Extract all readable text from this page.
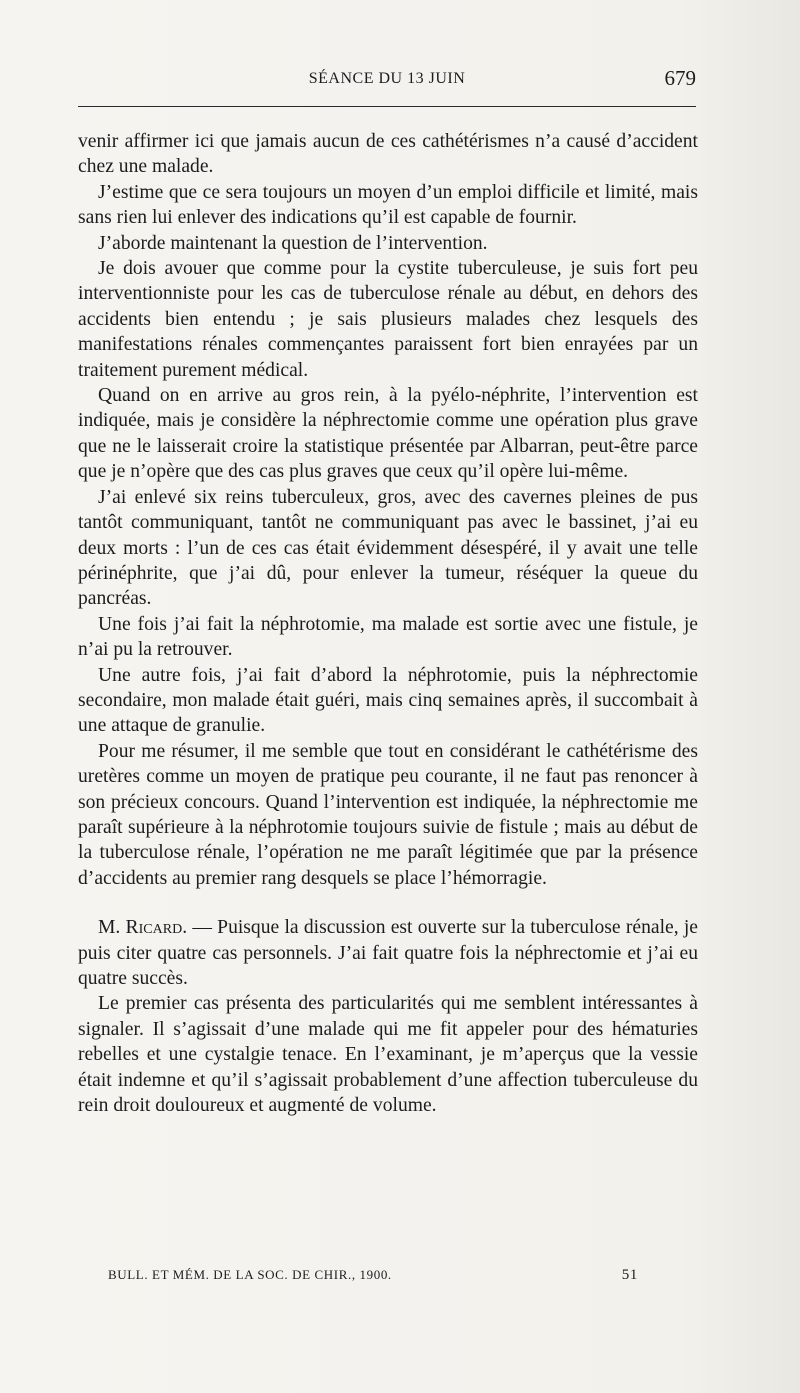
SÉANCE DU 13 JUIN	679

venir affirmer ici que jamais aucun de ces cathétérismes n’a causé d’accident chez une malade.

J’estime que ce sera toujours un moyen d’un emploi difficile et limité, mais sans rien lui enlever des indications qu’il est capable de fournir.

J’aborde maintenant la question de l’intervention.

Je dois avouer que comme pour la cystite tuberculeuse, je suis fort peu interventionniste pour les cas de tuberculose rénale au début, en dehors des accidents bien entendu ; je sais plusieurs malades chez lesquels des manifestations rénales commençantes paraissent fort bien enrayées par un traitement purement médical.

Quand on en arrive au gros rein, à la pyélo-néphrite, l’intervention est indiquée, mais je considère la néphrectomie comme une opération plus grave que ne le laisserait croire la statistique présentée par Albarran, peut-être parce que je n’opère que des cas plus graves que ceux qu’il opère lui-même.

J’ai enlevé six reins tuberculeux, gros, avec des cavernes pleines de pus tantôt communiquant, tantôt ne communiquant pas avec le bassinet, j’ai eu deux morts : l’un de ces cas était évidemment désespéré, il y avait une telle périnéphrite, que j’ai dû, pour enlever la tumeur, réséquer la queue du pancréas.

Une fois j’ai fait la néphrotomie, ma malade est sortie avec une fistule, je n’ai pu la retrouver.

Une autre fois, j’ai fait d’abord la néphrotomie, puis la néphrectomie secondaire, mon malade était guéri, mais cinq semaines après, il succombait à une attaque de granulie.

Pour me résumer, il me semble que tout en considérant le cathétérisme des uretères comme un moyen de pratique peu courante, il ne faut pas renoncer à son précieux concours. Quand l’intervention est indiquée, la néphrectomie me paraît supérieure à la néphrotomie toujours suivie de fistule ; mais au début de la tuberculose rénale, l’opération ne me paraît légitimée que par la présence d’accidents au premier rang desquels se place l’hémorragie.

M. Ricard. — Puisque la discussion est ouverte sur la tuberculose rénale, je puis citer quatre cas personnels. J’ai fait quatre fois la néphrectomie et j’ai eu quatre succès.

Le premier cas présenta des particularités qui me semblent intéressantes à signaler. Il s’agissait d’une malade qui me fit appeler pour des hématuries rebelles et une cystalgie tenace. En l’examinant, je m’aperçus que la vessie était indemne et qu’il s’agissait probablement d’une affection tuberculeuse du rein droit douloureux et augmenté de volume.

BULL. ET MÉM. DE LA SOC. DE CHIR., 1900.	51
